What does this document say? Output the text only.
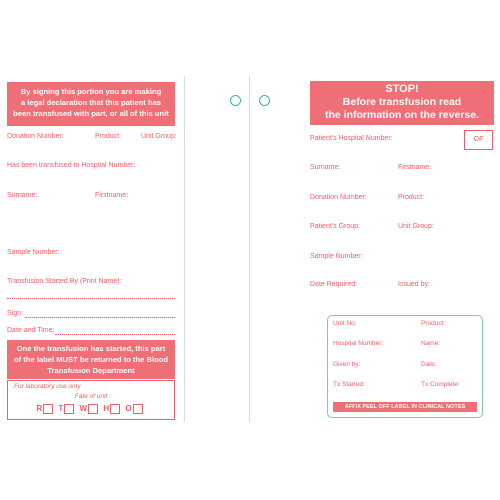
By signing this portion you are making
a legal declaration that this patient has
been transfused with part, or all of this unit
Donation Number:	Product:	Unit Group:
Has been transfused to Hospital Number:
Surname:	Firstname:
Sample Number:
Transfusion Started By (Print Name):
Sign:
Date and Time:
One the transfusion has started, this part
of the label MUST be returned to the Blood
Transfusion Department
For laboratory use only
Fate of unit
R T W H O
STOP!
Before transfusion read
the information on the reverse.
OF
Patient's Hospital Number:
Surname:	Firstname:
Donation Number:	Product:
Patient's Group:	Unit Group:
Sample Number:
Date Required:	Issued by:
Unit No:	Product
Hospital Number:	Name:
Given by:	Date:
Tx Started:	Tx Complete:
AFFIX PEEL OFF LABEL IN CLINICAL NOTES
